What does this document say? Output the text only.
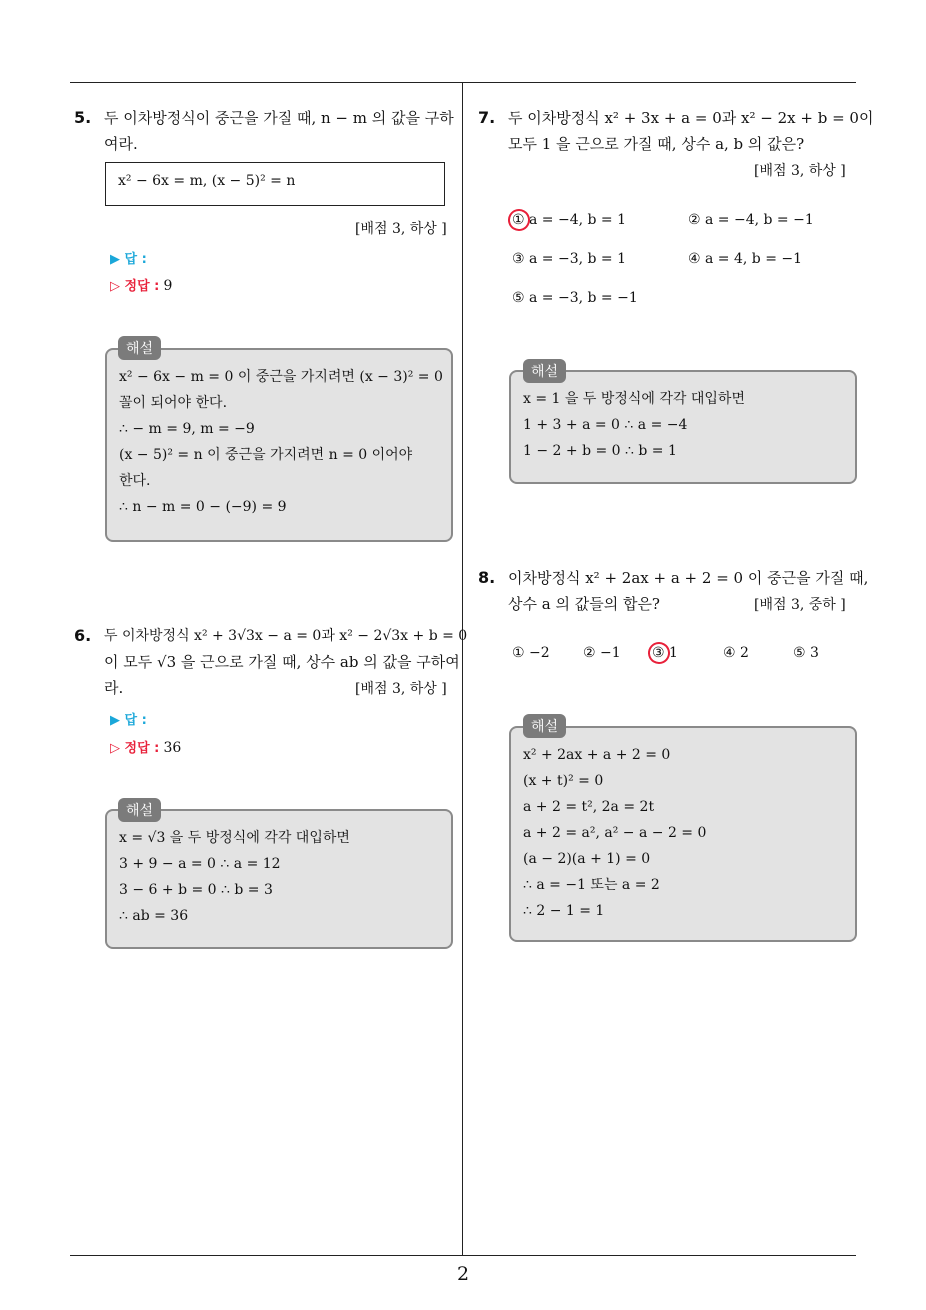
2
5. 두 이차방정식이 중근을 가질 때, n − m 의 값을 구하
여라.
x² − 6x = m, (x − 5)² = n
[배점 3, 하상 ]
▶ 답 :
▷ 정답 : 9
x² − 6x − m = 0 이 중근을 가지려면 (x − 3)² = 0
꼴이 되어야 한다.
∴ − m = 9, m = −9
(x − 5)² = n 이 중근을 가지려면 n = 0 이어야
한다.
∴ n − m = 0 − (−9) = 9
해설
6. 두 이차방정식 x² + 3√3x − a = 0과 x² − 2√3x + b = 0
이 모두 √3 을 근으로 가질 때, 상수 ab 의 값을 구하여
라.	[배점 3, 하상 ]
▶ 답 :
▷ 정답 : 36
x = √3 을 두 방정식에 각각 대입하면
3 + 9 − a = 0 ∴ a = 12
3 − 6 + b = 0 ∴ b = 3
∴ ab = 36
해설
7. 두 이차방정식 x² + 3x + a = 0과 x² − 2x + b = 0이
모두 1 을 근으로 가질 때, 상수 a, b 의 값은?
[배점 3, 하상 ]
① a = −4, b = 1	② a = −4, b = −1
③ a = −3, b = 1	④ a = 4, b = −1
⑤ a = −3, b = −1
x = 1 을 두 방정식에 각각 대입하면
1 + 3 + a = 0 ∴ a = −4
1 − 2 + b = 0 ∴ b = 1
해설
8. 이차방정식 x² + 2ax + a + 2 = 0 이 중근을 가질 때,
상수 a 의 값들의 합은?	[배점 3, 중하 ]
① −2 ② −1 ③ 1	④ 2	⑤ 3
x² + 2ax + a + 2 = 0
(x + t)² = 0
a + 2 = t², 2a = 2t
a + 2 = a², a² − a − 2 = 0
(a − 2)(a + 1) = 0
∴ a = −1 또는 a = 2
∴ 2 − 1 = 1
해설
